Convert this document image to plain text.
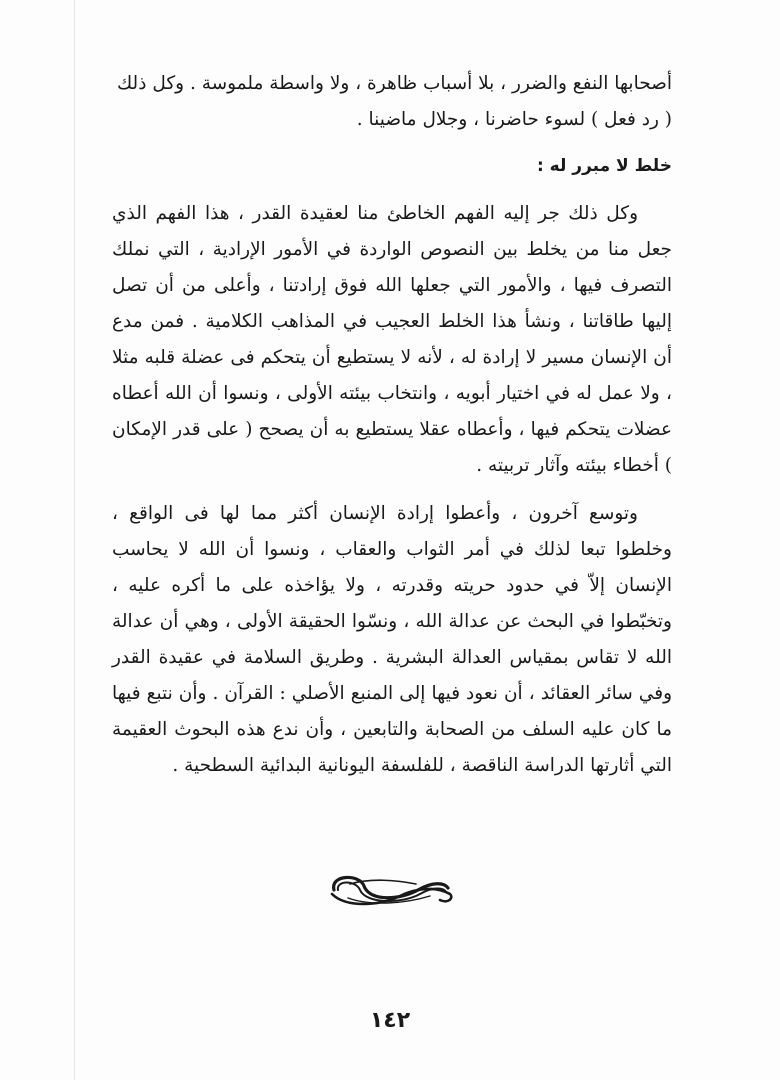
أصحابها النفع والضرر ، بلا أسباب ظاهرة ، ولا واسطة ملموسة . وكل ذلك

( رد فعل ) لسوء حاضرنا ، وجلال ماضينا .

خلط لا مبرر له :

وكل ذلك جر إليه الفهم الخاطئ منا لعقيدة القدر ، هذا الفهم الذي جعل منا من يخلط بين النصوص الواردة في الأمور الإرادية ، التي نملك التصرف فيها ، والأمور التي جعلها الله فوق إرادتنا ، وأعلى من أن تصل إليها طاقاتنا ، ونشأ هذا الخلط العجيب في المذاهب الكلامية . فمن مدع أن الإنسان مسير لا إرادة له ، لأنه لا يستطيع أن يتحكم فى عضلة قلبه مثلا ، ولا عمل له في اختيار أبويه ، وانتخاب بيئته الأولى ، ونسوا أن الله أعطاه عضلات يتحكم فيها ، وأعطاه عقلا يستطيع به أن يصحح ( على قدر الإمكان ) أخطاء بيئته وآثار تربيته .

وتوسع آخرون ، وأعطوا إرادة الإنسان أكثر مما لها فى الواقع ، وخلطوا تبعا لذلك في أمر الثواب والعقاب ، ونسوا أن الله لا يحاسب الإنسان إلاّ في حدود حريته وقدرته ، ولا يؤاخذه على ما أكره عليه ، وتخبّطوا في البحث عن عدالة الله ، ونسّوا الحقيقة الأولى ، وهي أن عدالة الله لا تقاس بمقياس العدالة البشرية . وطريق السلامة في عقيدة القدر وفي سائر العقائد ، أن نعود فيها إلى المنبع الأصلي : القرآن . وأن نتبع فيها ما كان عليه السلف من الصحابة والتابعين ، وأن ندع هذه البحوث العقيمة التي أثارتها الدراسة الناقصة ، للفلسفة اليونانية البدائية السطحية .

١٤٢
